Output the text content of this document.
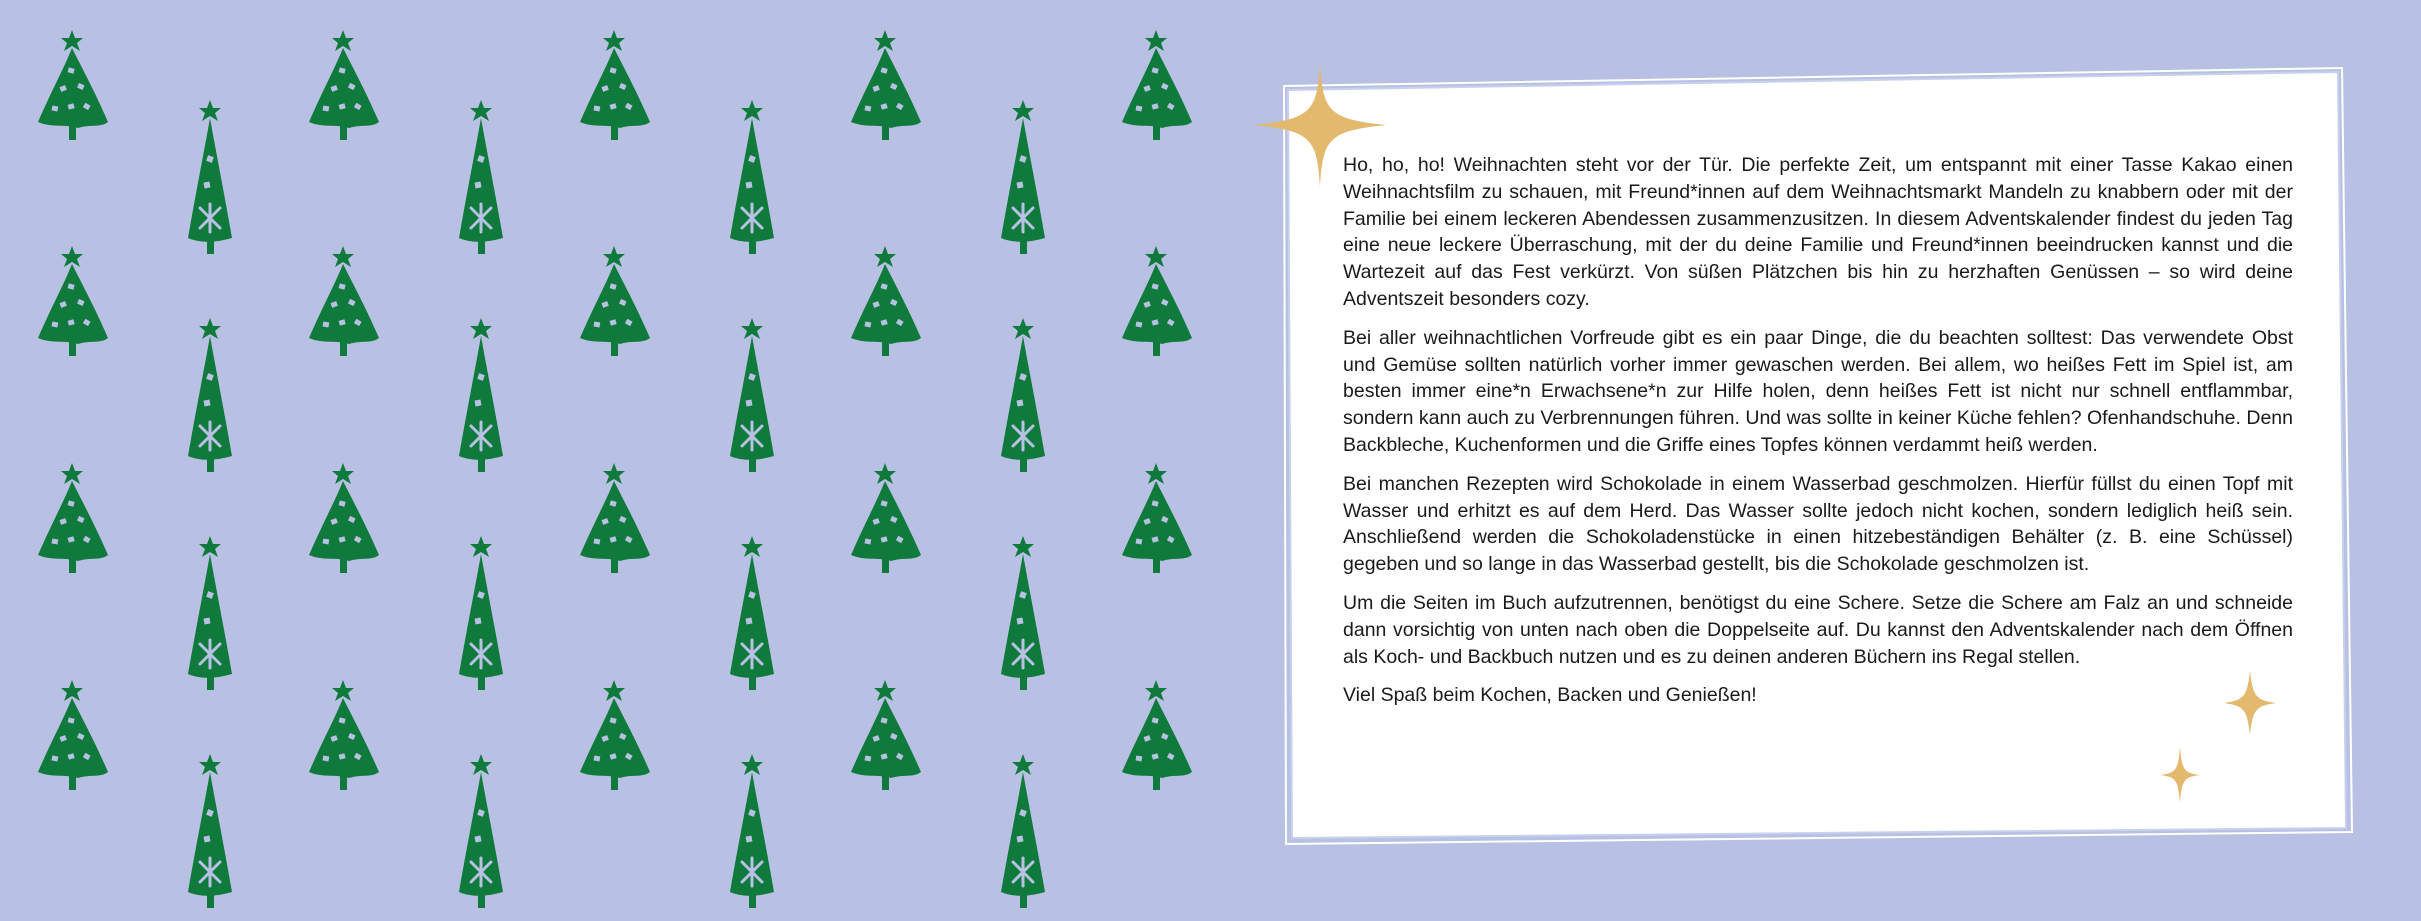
Ho, ho, ho! Weihnachten steht vor der Tür. Die perfekte Zeit, um entspannt mit einer Tasse Kakao einen Weihnachtsfilm zu schauen, mit Freund*innen auf dem Weihnachtsmarkt Mandeln zu knabbern oder mit der Familie bei einem leckeren Abendessen zusammenzusitzen. In diesem Adventskalender findest du jeden Tag eine neue leckere Überraschung, mit der du deine Familie und Freund*innen beeindrucken kannst und die Wartezeit auf das Fest verkürzt. Von süßen Plätzchen bis hin zu herzhaften Genüssen – so wird deine Adventszeit besonders cozy.

Bei aller weihnachtlichen Vorfreude gibt es ein paar Dinge, die du beachten solltest: Das verwendete Obst und Gemüse sollten natürlich vorher immer gewaschen werden. Bei allem, wo heißes Fett im Spiel ist, am besten immer eine*n Erwachsene*n zur Hilfe holen, denn heißes Fett ist nicht nur schnell entflammbar, sondern kann auch zu Verbrennungen führen. Und was sollte in keiner Küche fehlen? Ofenhandschuhe. Denn Backbleche, Kuchenformen und die Griffe eines Topfes können verdammt heiß werden.

Bei manchen Rezepten wird Schokolade in einem Wasserbad geschmolzen. Hierfür füllst du einen Topf mit Wasser und erhitzt es auf dem Herd. Das Wasser sollte jedoch nicht kochen, sondern lediglich heiß sein. Anschließend werden die Schokoladenstücke in einen hitzebeständigen Behälter (z. B. eine Schüssel) gegeben und so lange in das Wasserbad gestellt, bis die Schokolade geschmolzen ist.

Um die Seiten im Buch aufzutrennen, benötigst du eine Schere. Setze die Schere am Falz an und schneide dann vorsichtig von unten nach oben die Doppelseite auf. Du kannst den Adventskalender nach dem Öffnen als Koch- und Backbuch nutzen und es zu deinen anderen Büchern ins Regal stellen.

Viel Spaß beim Kochen, Backen und Genießen!
